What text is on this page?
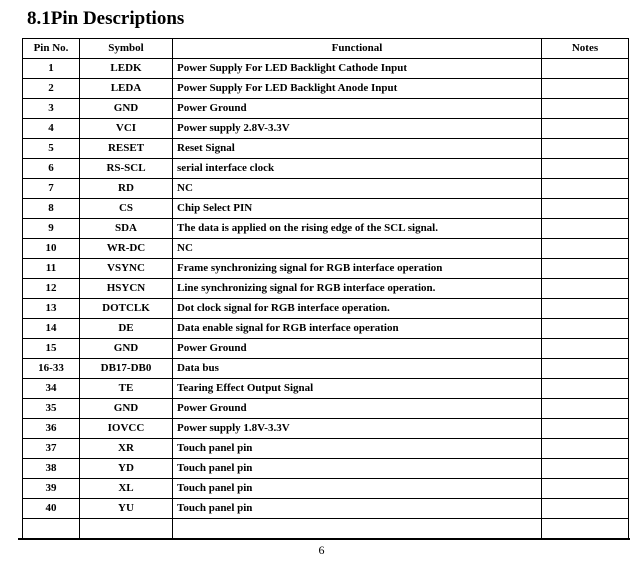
8.1Pin Descriptions
Pin No.	Symbol	Functional	Notes
1	LEDK	Power Supply For LED Backlight Cathode Input	
2	LEDA	Power Supply For LED Backlight Anode Input	
3	GND	Power Ground	
4	VCI	Power supply 2.8V-3.3V	
5	RESET	Reset Signal	
6	RS-SCL	serial interface clock	
7	RD	NC	
8	CS	Chip Select PIN	
9	SDA	The data is applied on the rising edge of the SCL signal.	
10	WR-DC	NC	
11	VSYNC	Frame synchronizing signal for RGB interface operation	
12	HSYCN	Line synchronizing signal for RGB interface operation.	
13	DOTCLK	Dot clock signal for RGB interface operation.	
14	DE	Data enable signal for RGB interface operation	
15	GND	Power Ground	
16-33	DB17-DB0	Data bus	
34	TE	Tearing Effect Output Signal	
35	GND	Power Ground	
36	IOVCC	Power supply 1.8V-3.3V	
37	XR	Touch panel pin	
38	YD	Touch panel pin	
39	XL	Touch panel pin	
40	YU	Touch panel pin	

6
